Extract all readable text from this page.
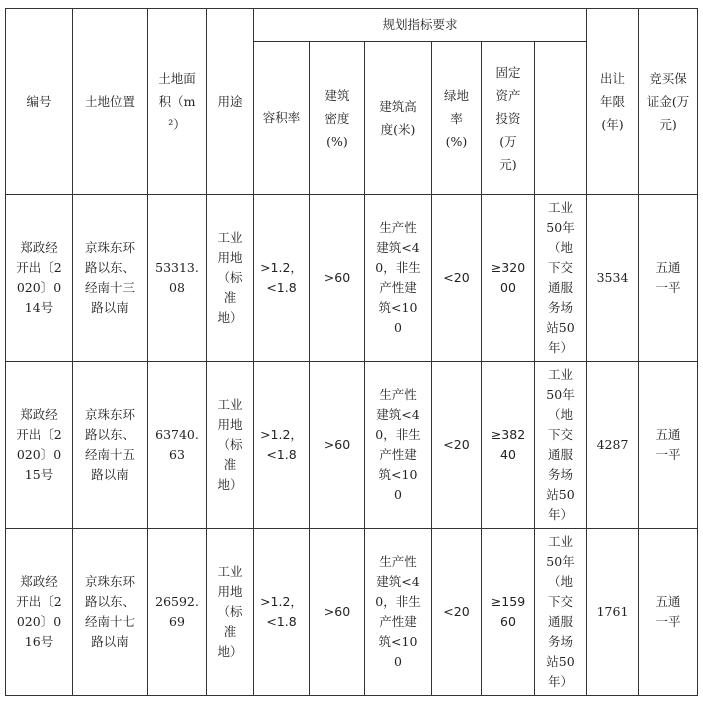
编号	土地位置	土地面积（m²）	用途	规划指标要求						出让年限(年)	竞买保证金(万元)

				容积率	建筑密度(%)	建筑高度(米)	绿地率(%)	固定资产投资(万元)				

郑政经开出〔2020〕014号	京珠东环路以东、经南十三路以南	53313.08	工业用地（标准地）	>1.2，<1.8	>60	生产性建筑<40，非生产性建筑<100	<20	≥32000	工业50年（地下交通服务场站50年）	3534	五通一平	

郑政经开出〔2020〕015号	京珠东环路以东、经南十五路以南	63740.63	工业用地（标准地）	>1.2，<1.8	>60	生产性建筑<40，非生产性建筑<100	<20	≥38240	工业50年（地下交通服务场站50年）	4287	五通一平	

郑政经开出〔2020〕016号	京珠东环路以东、经南十七路以南	26592.69	工业用地（标准地）	>1.2，<1.8	>60	生产性建筑<40，非生产性建筑<100	<20	≥15960	工业50年（地下交通服务场站50年）	1761	五通一平	
